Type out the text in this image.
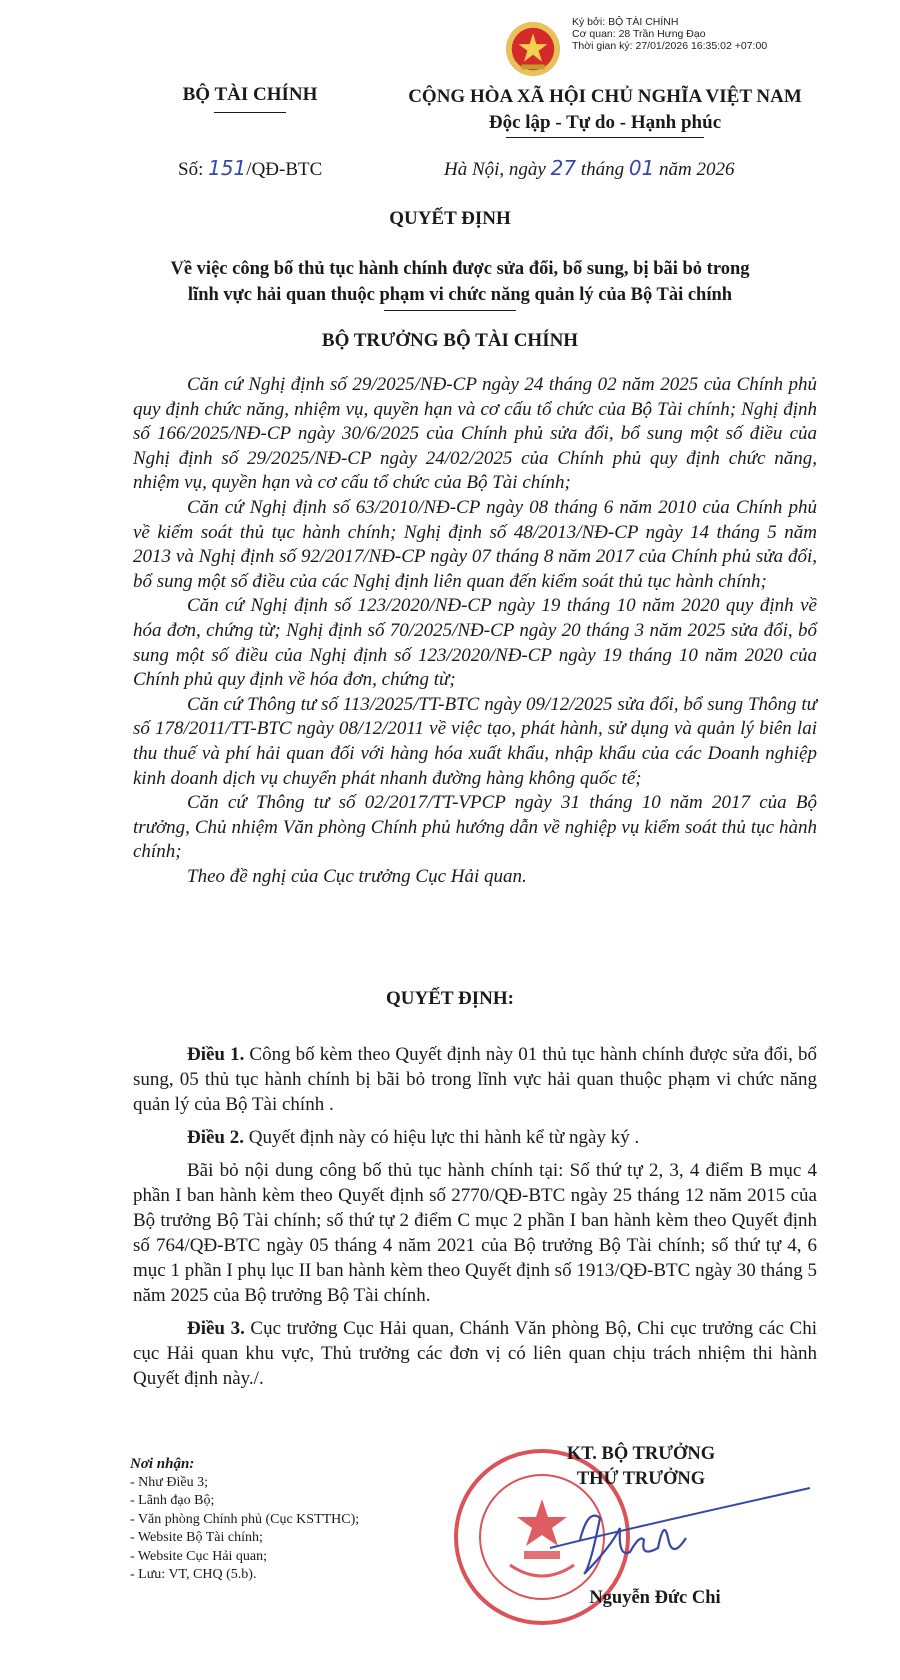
Ký bởi: BỘ TÀI CHÍNH
Cơ quan: 28 Trần Hưng Đạo
Thời gian ký: 27/01/2026 16:35:02 +07:00
BỘ TÀI CHÍNH	CỘNG HÒA XÃ HỘI CHỦ NGHĨA VIỆT NAM
Độc lập - Tự do - Hạnh phúc
Số: 151/QĐ-BTC	Hà Nội, ngày 27 tháng 01 năm 2026
QUYẾT ĐỊNH
Về việc công bố thủ tục hành chính được sửa đổi, bổ sung, bị bãi bỏ trong
lĩnh vực hải quan thuộc phạm vi chức năng quản lý của Bộ Tài chính
BỘ TRƯỞNG BỘ TÀI CHÍNH

Căn cứ Nghị định số 29/2025/NĐ-CP ngày 24 tháng 02 năm 2025 của Chính phủ quy định chức năng, nhiệm vụ, quyền hạn và cơ cấu tổ chức của Bộ Tài chính; Nghị định số 166/2025/NĐ-CP ngày 30/6/2025 của Chính phủ sửa đổi, bổ sung một số điều của Nghị định số 29/2025/NĐ-CP ngày 24/02/2025 của Chính phủ quy định chức năng, nhiệm vụ, quyền hạn và cơ cấu tổ chức của Bộ Tài chính;

Căn cứ Nghị định số 63/2010/NĐ-CP ngày 08 tháng 6 năm 2010 của Chính phủ về kiểm soát thủ tục hành chính; Nghị định số 48/2013/NĐ-CP ngày 14 tháng 5 năm 2013 và Nghị định số 92/2017/NĐ-CP ngày 07 tháng 8 năm 2017 của Chính phủ sửa đổi, bổ sung một số điều của các Nghị định liên quan đến kiểm soát thủ tục hành chính;

Căn cứ Nghị định số 123/2020/NĐ-CP ngày 19 tháng 10 năm 2020 quy định về hóa đơn, chứng từ; Nghị định số 70/2025/NĐ-CP ngày 20 tháng 3 năm 2025 sửa đổi, bổ sung một số điều của Nghị định số 123/2020/NĐ-CP ngày 19 tháng 10 năm 2020 của Chính phủ quy định về hóa đơn, chứng từ;

Căn cứ Thông tư số 113/2025/TT-BTC ngày 09/12/2025 sửa đổi, bổ sung Thông tư số 178/2011/TT-BTC ngày 08/12/2011 về việc tạo, phát hành, sử dụng và quản lý biên lai thu thuế và phí hải quan đối với hàng hóa xuất khẩu, nhập khẩu của các Doanh nghiệp kinh doanh dịch vụ chuyển phát nhanh đường hàng không quốc tế;

Căn cứ Thông tư số 02/2017/TT-VPCP ngày 31 tháng 10 năm 2017 của Bộ trưởng, Chủ nhiệm Văn phòng Chính phủ hướng dẫn về nghiệp vụ kiểm soát thủ tục hành chính;

Theo đề nghị của Cục trưởng Cục Hải quan.

QUYẾT ĐỊNH:

Điều 1. Công bố kèm theo Quyết định này 01 thủ tục hành chính được sửa đổi, bổ sung, 05 thủ tục hành chính bị bãi bỏ trong lĩnh vực hải quan thuộc phạm vi chức năng quản lý của Bộ Tài chính .

Điều 2. Quyết định này có hiệu lực thi hành kể từ ngày ký .

Bãi bỏ nội dung công bố thủ tục hành chính tại: Số thứ tự 2, 3, 4 điểm B mục 4 phần I ban hành kèm theo Quyết định số 2770/QĐ-BTC ngày 25 tháng 12 năm 2015 của Bộ trưởng Bộ Tài chính; số thứ tự 2 điểm C mục 2 phần I ban hành kèm theo Quyết định số 764/QĐ-BTC ngày 05 tháng 4 năm 2021 của Bộ trưởng Bộ Tài chính; số thứ tự 4, 6 mục 1 phần I phụ lục II ban hành kèm theo Quyết định số 1913/QĐ-BTC ngày 30 tháng 5 năm 2025 của Bộ trưởng Bộ Tài chính.

Điều 3. Cục trưởng Cục Hải quan, Chánh Văn phòng Bộ, Chi cục trưởng các Chi cục Hải quan khu vực, Thủ trưởng các đơn vị có liên quan chịu trách nhiệm thi hành Quyết định này./.

Nơi nhận:
- Như Điều 3;
- Lãnh đạo Bộ;
- Văn phòng Chính phủ (Cục KSTTHC);
- Website Bộ Tài chính;
- Website Cục Hải quan;
- Lưu: VT, CHQ (5.b).
KT. BỘ TRƯỞNG
THỨ TRƯỞNG
Nguyễn Đức Chi
